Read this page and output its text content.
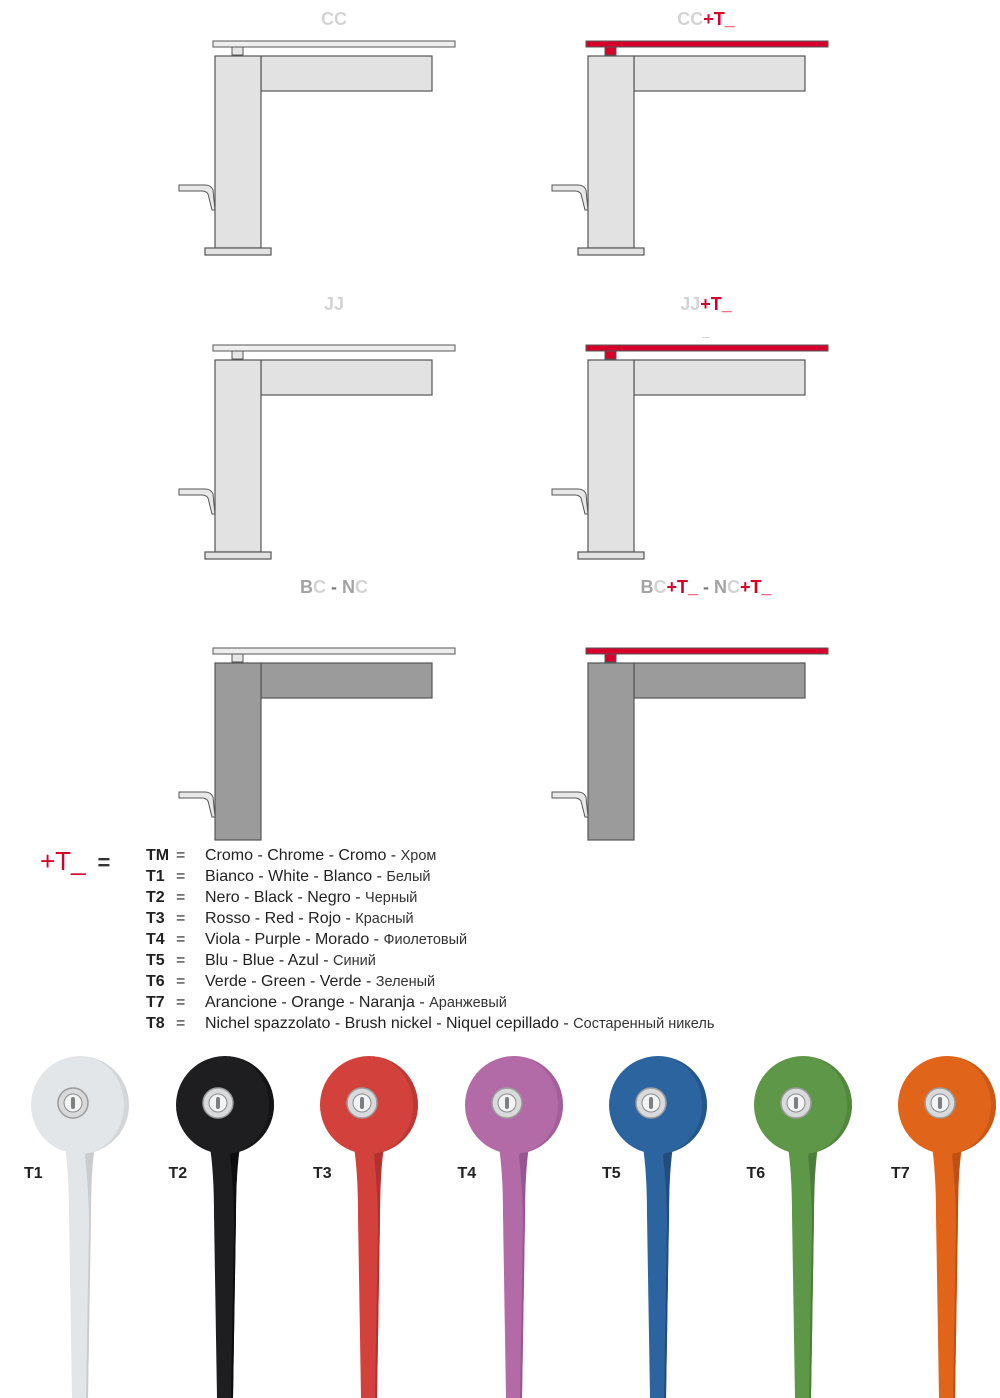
CC	CC+T_
JJ	JJ+T_
_
BC - NC	BC+T_ - NC+T_
+T_ = TM = Cromo - Chrome - Cromo - Хром
T1 = Bianco - White - Blanco - Белый
T2 = Nero - Black - Negro - Черный
T3 = Rosso - Red - Rojo - Красный
T4 = Viola - Purple - Morado - Фиолетовый
T5 = Blu - Blue - Azul - Синий
T6 = Verde - Green - Verde - Зеленый
T7 = Arancione - Orange - Naranja - Аранжевый
T8 = Nichel spazzolato - Brush nickel - Niquel cepillado - Состаренный никель
T1	T2	T3	T4	T5	T6	T7
